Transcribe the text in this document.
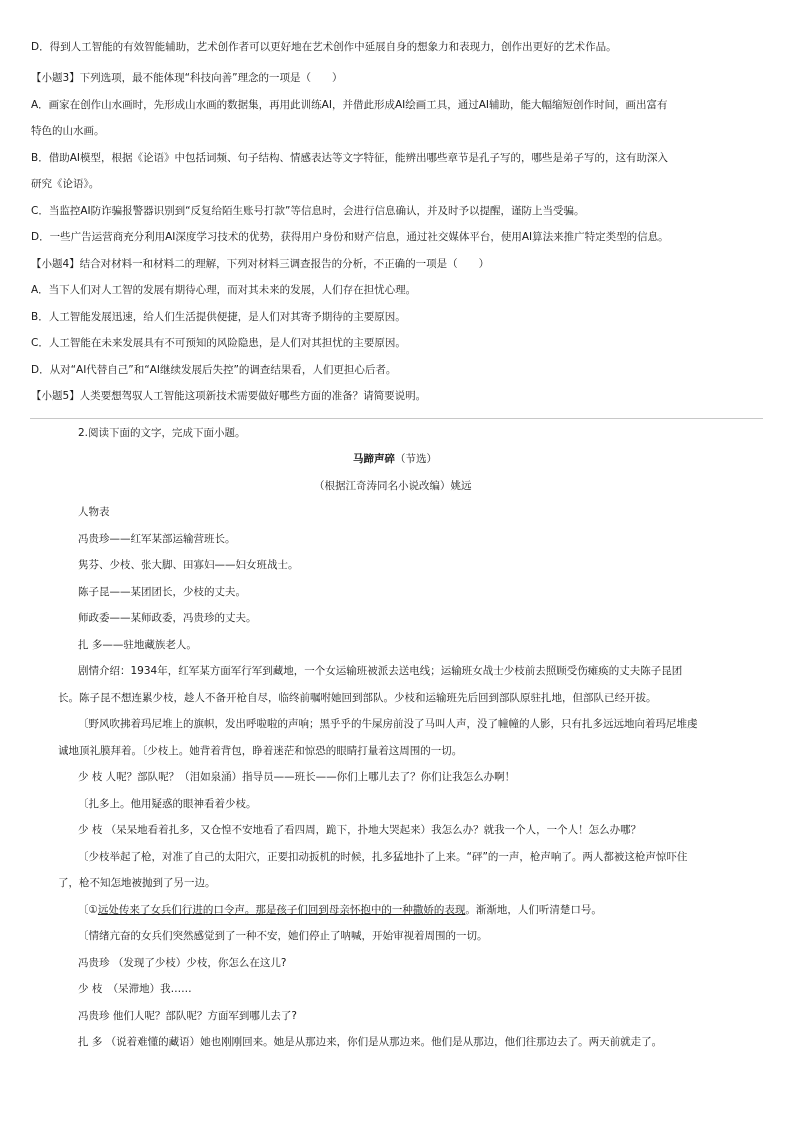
D．得到人工智能的有效智能辅助，艺术创作者可以更好地在艺术创作中延展自身的想象力和表现力，创作出更好的艺术作品。
【小题3】下列选项，最不能体现“科技向善”理念的一项是（　　）
A．画家在创作山水画时，先形成山水画的数据集，再用此训练AI，并借此形成AI绘画工具，通过AI辅助，能大幅缩短创作时间，画出富有
特色的山水画。
B．借助AI模型，根据《论语》中包括词频、句子结构、情感表达等文字特征，能辨出哪些章节是孔子写的，哪些是弟子写的，这有助深入
研究《论语》。
C．当监控AI防诈骗报警器识别到“反复给陌生账号打款”等信息时，会进行信息确认，并及时予以提醒，谨防上当受骗。
D．一些广告运营商充分利用AI深度学习技术的优势，获得用户身份和财产信息，通过社交媒体平台，使用AI算法来推广特定类型的信息。
【小题4】结合对材料一和材料二的理解，下列对材料三调查报告的分析，不正确的一项是（　　）
A．当下人们对人工智的发展有期待心理，而对其未来的发展，人们存在担忧心理。
B．人工智能发展迅速，给人们生活提供便捷，是人们对其寄予期待的主要原因。
C．人工智能在未来发展具有不可预知的风险隐患，是人们对其担忧的主要原因。
D．从对“AI代替自己”和“AI继续发展后失控”的调查结果看，人们更担心后者。
【小题5】人类要想驾驭人工智能这项新技术需要做好哪些方面的准备？请简要说明。
2.阅读下面的文字，完成下面小题。
马蹄声碎（节选）
（根据江奇涛同名小说改编）姚远
人物表
冯贵珍——红军某部运输营班长。
隽芬、少枝、张大脚、田寡妇——妇女班战士。
陈子昆——某团团长，少枝的丈夫。
师政委——某师政委，冯贵珍的丈夫。
扎 多——驻地藏族老人。
剧情介绍：1934年，红军某方面军行军到藏地，一个女运输班被派去送电线；运输班女战士少枝前去照顾受伤瘫痪的丈夫陈子昆团
长。陈子昆不想连累少枝，趁人不备开枪自尽，临终前嘱咐她回到部队。少枝和运输班先后回到部队原驻扎地，但部队已经开拔。
〔野风吹拂着玛尼堆上的旗帜，发出呼啦啦的声响；黑乎乎的牛屎房前没了马叫人声，没了幢幢的人影，只有扎多远远地向着玛尼堆虔
诚地顶礼膜拜着。〔少枝上。她背着背包，睁着迷茫和惊恐的眼睛打量着这周围的一切。
少 枝 人呢？部队呢？（泪如泉涌）指导员——班长——你们上哪儿去了？你们让我怎么办啊！
〔扎多上。他用疑惑的眼神看着少枝。
少 枝 （呆呆地看着扎多，又仓惶不安地看了看四周，跪下，扑地大哭起来）我怎么办？就我一个人，一个人！怎么办哪？
〔少枝举起了枪，对准了自己的太阳穴，正要扣动扳机的时候，扎多猛地扑了上来。“砰”的一声，枪声响了。两人都被这枪声惊吓住
了，枪不知怎地被抛到了另一边。
〔①远处传来了女兵们行进的口令声。那是孩子们回到母亲怀抱中的一种撒娇的表现。渐渐地，人们听清楚口号。
〔情绪亢奋的女兵们突然感觉到了一种不安，她们停止了呐喊，开始审视着周围的一切。
冯贵珍 （发现了少枝）少枝，你怎么在这儿?
少 枝　（呆滞地）我……
冯贵珍 他们人呢？部队呢？方面军到哪儿去了?
扎 多 （说着难懂的藏语）她也刚刚回来。她是从那边来，你们是从那边来。他们是从那边，他们往那边去了。两天前就走了。
